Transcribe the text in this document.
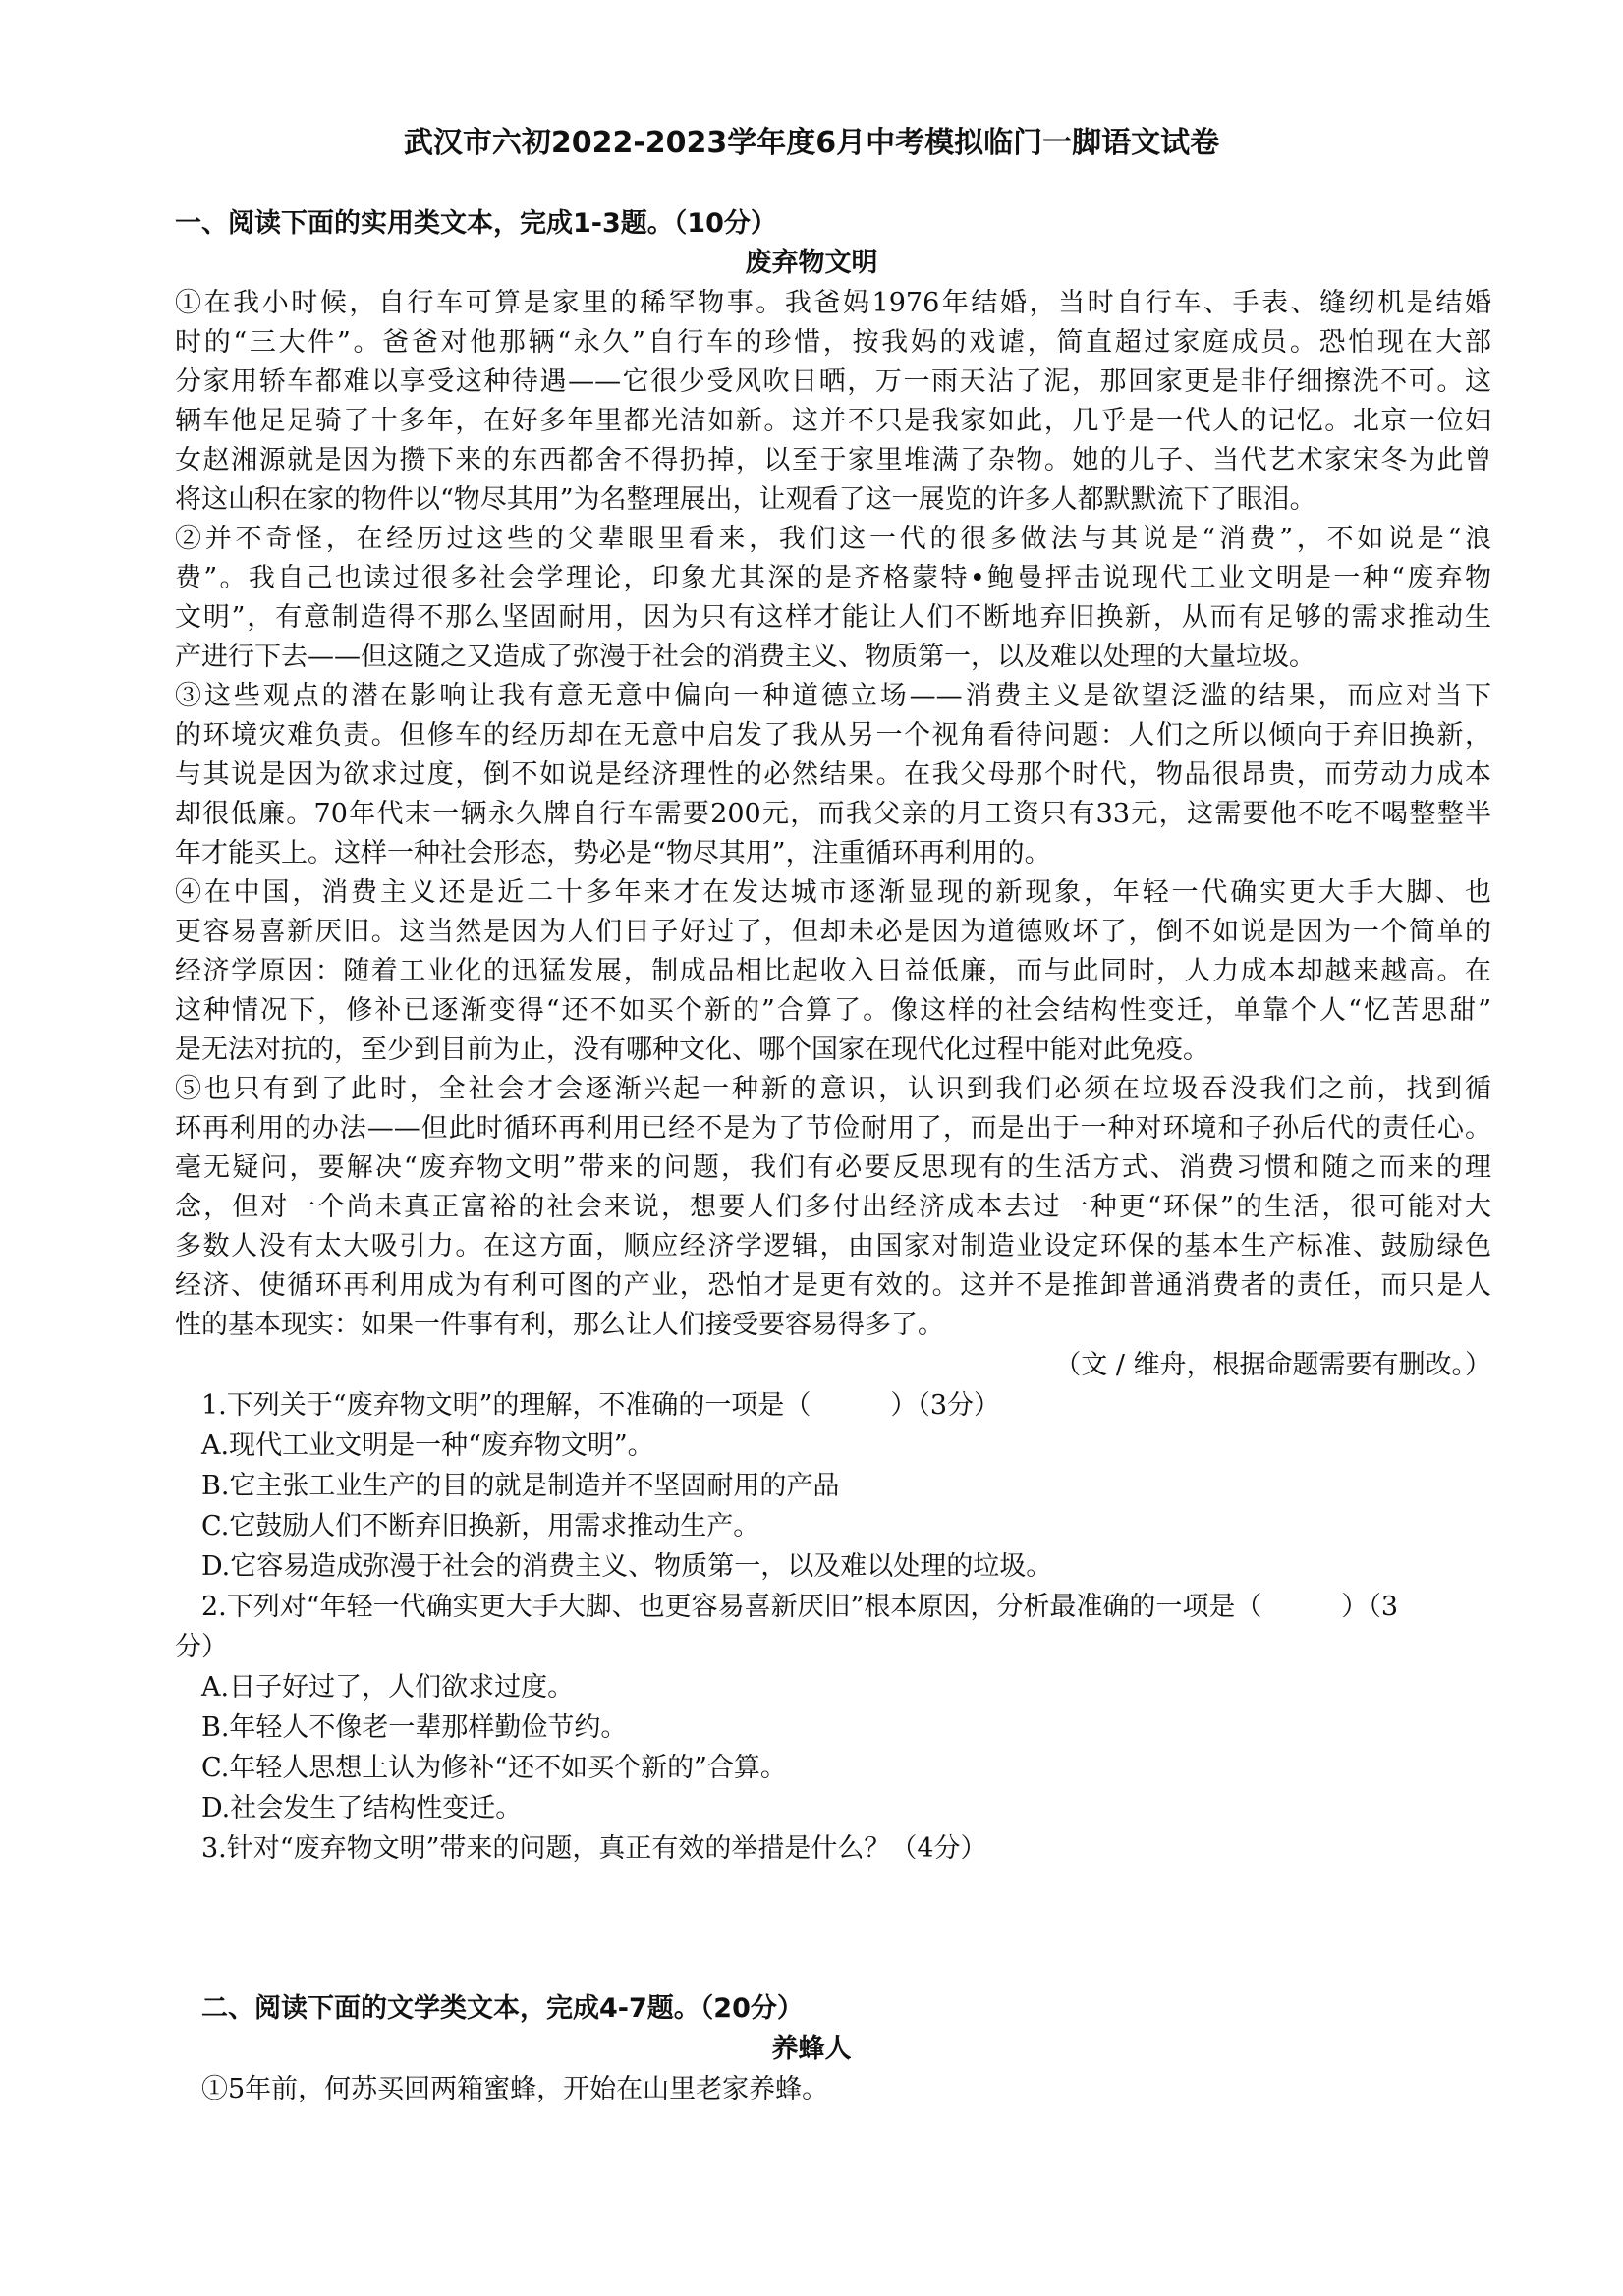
武汉市六初2022-2023学年度6月中考模拟临门一脚语文试卷
一、阅读下面的实用类文本，完成1-3题。（10分）
废弃物文明
①在我小时候，自行车可算是家里的稀罕物事。我爸妈1976年结婚，当时自行车、手表、缝纫机是结婚
时的“三大件”。爸爸对他那辆“永久”自行车的珍惜，按我妈的戏谑，简直超过家庭成员。恐怕现在大部
分家用轿车都难以享受这种待遇——它很少受风吹日晒，万一雨天沾了泥，那回家更是非仔细擦洗不可。这
辆车他足足骑了十多年，在好多年里都光洁如新。这并不只是我家如此，几乎是一代人的记忆。北京一位妇
女赵湘源就是因为攒下来的东西都舍不得扔掉，以至于家里堆满了杂物。她的儿子、当代艺术家宋冬为此曾
将这山积在家的物件以“物尽其用”为名整理展出，让观看了这一展览的许多人都默默流下了眼泪。
②并不奇怪，在经历过这些的父辈眼里看来，我们这一代的很多做法与其说是“消费”，不如说是“浪
费”。我自己也读过很多社会学理论，印象尤其深的是齐格蒙特•鲍曼抨击说现代工业文明是一种“废弃物
文明”，有意制造得不那么坚固耐用，因为只有这样才能让人们不断地弃旧换新，从而有足够的需求推动生
产进行下去——但这随之又造成了弥漫于社会的消费主义、物质第一，以及难以处理的大量垃圾。
③这些观点的潜在影响让我有意无意中偏向一种道德立场——消费主义是欲望泛滥的结果，而应对当下
的环境灾难负责。但修车的经历却在无意中启发了我从另一个视角看待问题：人们之所以倾向于弃旧换新，
与其说是因为欲求过度，倒不如说是经济理性的必然结果。在我父母那个时代，物品很昂贵，而劳动力成本
却很低廉。70年代末一辆永久牌自行车需要200元，而我父亲的月工资只有33元，这需要他不吃不喝整整半
年才能买上。这样一种社会形态，势必是“物尽其用”，注重循环再利用的。
④在中国，消费主义还是近二十多年来才在发达城市逐渐显现的新现象，年轻一代确实更大手大脚、也
更容易喜新厌旧。这当然是因为人们日子好过了，但却未必是因为道德败坏了，倒不如说是因为一个简单的
经济学原因：随着工业化的迅猛发展，制成品相比起收入日益低廉，而与此同时，人力成本却越来越高。在
这种情况下，修补已逐渐变得“还不如买个新的”合算了。像这样的社会结构性变迁，单靠个人“忆苦思甜”
是无法对抗的，至少到目前为止，没有哪种文化、哪个国家在现代化过程中能对此免疫。
⑤也只有到了此时，全社会才会逐渐兴起一种新的意识，认识到我们必须在垃圾吞没我们之前，找到循
环再利用的办法——但此时循环再利用已经不是为了节俭耐用了，而是出于一种对环境和子孙后代的责任心。
毫无疑问，要解决“废弃物文明”带来的问题，我们有必要反思现有的生活方式、消费习惯和随之而来的理
念，但对一个尚未真正富裕的社会来说，想要人们多付出经济成本去过一种更“环保”的生活，很可能对大
多数人没有太大吸引力。在这方面，顺应经济学逻辑，由国家对制造业设定环保的基本生产标准、鼓励绿色
经济、使循环再利用成为有利可图的产业，恐怕才是更有效的。这并不是推卸普通消费者的责任，而只是人
性的基本现实：如果一件事有利，那么让人们接受要容易得多了。
（文 / 维舟，根据命题需要有删改。）
1.下列关于“废弃物文明”的理解，不准确的一项是（　　　）（3分）
A.现代工业文明是一种“废弃物文明”。
B.它主张工业生产的目的就是制造并不坚固耐用的产品
C.它鼓励人们不断弃旧换新，用需求推动生产。
D.它容易造成弥漫于社会的消费主义、物质第一，以及难以处理的垃圾。
2.下列对“年轻一代确实更大手大脚、也更容易喜新厌旧”根本原因，分析最准确的一项是（　　　）（3
分）
A.日子好过了，人们欲求过度。
B.年轻人不像老一辈那样勤俭节约。
C.年轻人思想上认为修补“还不如买个新的”合算。
D.社会发生了结构性变迁。
3.针对“废弃物文明”带来的问题，真正有效的举措是什么？（4分）
二、阅读下面的文学类文本，完成4-7题。（20分）
养蜂人
①5年前，何苏买回两箱蜜蜂，开始在山里老家养蜂。
